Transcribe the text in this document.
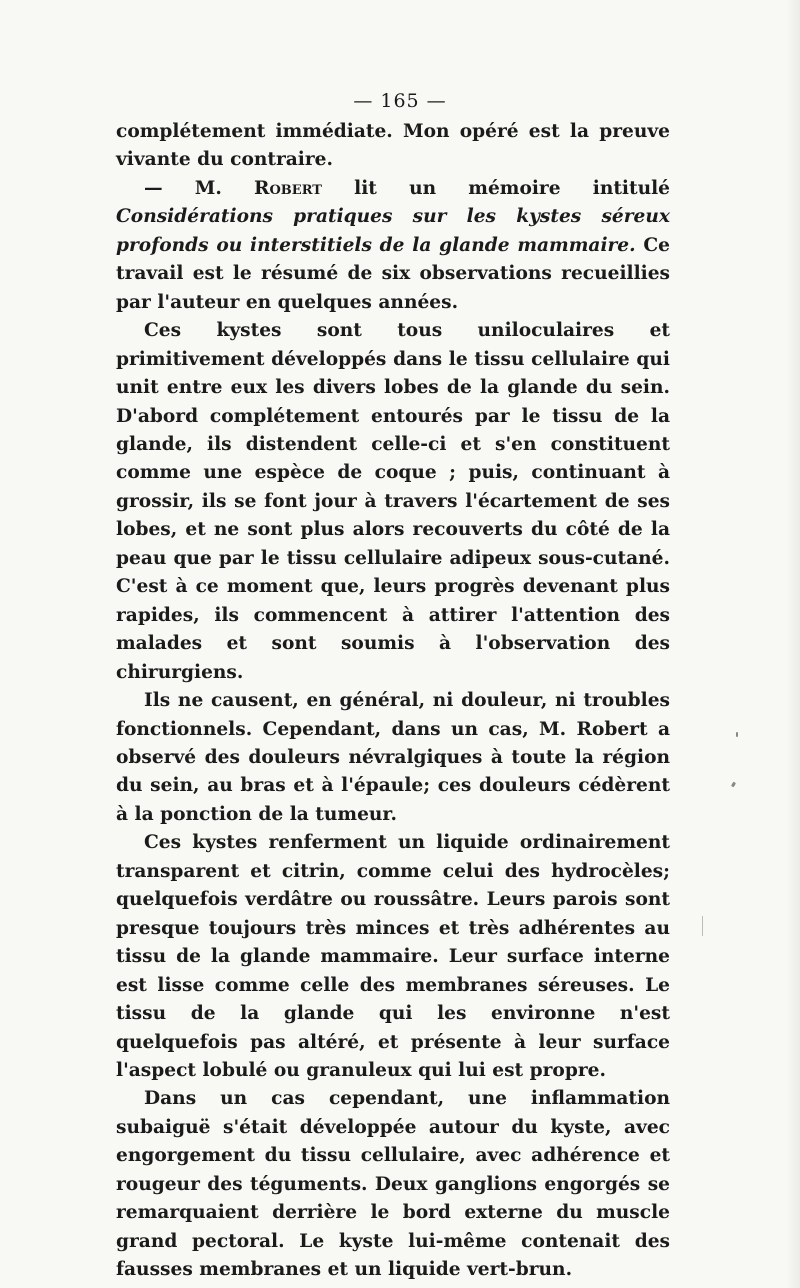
— 165 —

complétement immédiate. Mon opéré est la preuve vivante du contraire.

— M. Robert lit un mémoire intitulé Considérations pratiques sur les kystes séreux profonds ou interstitiels de la glande mammaire. Ce travail est le résumé de six observations recueillies par l'auteur en quelques années.

Ces kystes sont tous uniloculaires et primitivement développés dans le tissu cellulaire qui unit entre eux les divers lobes de la glande du sein. D'abord complétement entourés par le tissu de la glande, ils distendent celle-ci et s'en constituent comme une espèce de coque ; puis, continuant à grossir, ils se font jour à travers l'écartement de ses lobes, et ne sont plus alors recouverts du côté de la peau que par le tissu cellulaire adipeux sous-cutané. C'est à ce moment que, leurs progrès devenant plus rapides, ils commencent à attirer l'attention des malades et sont soumis à l'observation des chirurgiens.

Ils ne causent, en général, ni douleur, ni troubles fonctionnels. Cependant, dans un cas, M. Robert a observé des douleurs névralgiques à toute la région du sein, au bras et à l'épaule; ces douleurs cédèrent à la ponction de la tumeur.

Ces kystes renferment un liquide ordinairement transparent et citrin, comme celui des hydrocèles; quelquefois verdâtre ou roussâtre. Leurs parois sont presque toujours très minces et très adhérentes au tissu de la glande mammaire. Leur surface interne est lisse comme celle des membranes séreuses. Le tissu de la glande qui les environne n'est quelquefois pas altéré, et présente à leur surface l'aspect lobulé ou granuleux qui lui est propre.

Dans un cas cependant, une inflammation subaiguë s'était développée autour du kyste, avec engorgement du tissu cellulaire, avec adhérence et rougeur des téguments. Deux ganglions engorgés se remarquaient derrière le bord externe du muscle grand pectoral. Le kyste lui-même contenait des fausses membranes et un liquide vert-brun.
